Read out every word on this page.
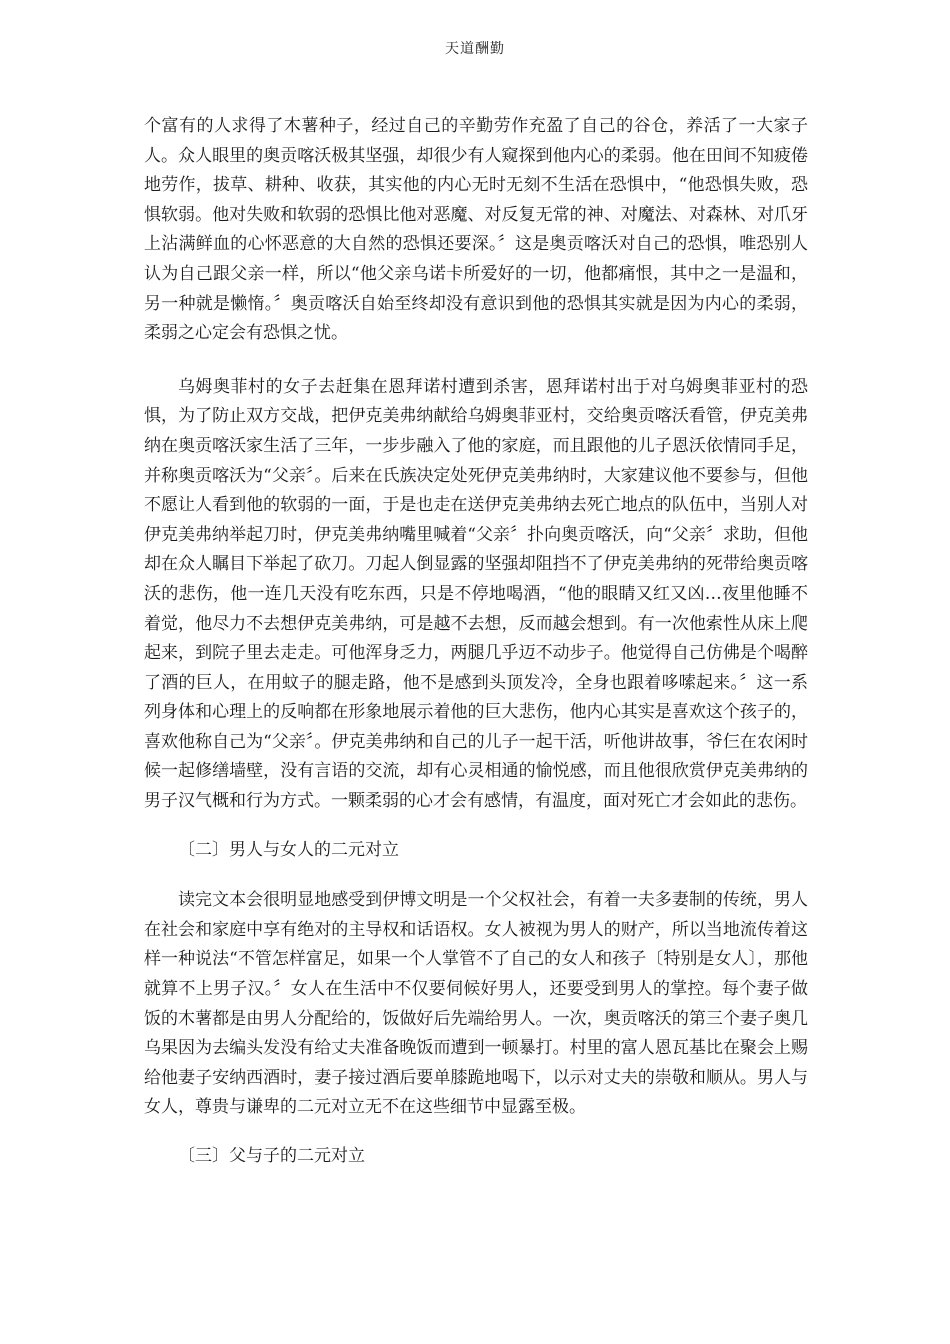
天道酬勤

个富有的人求得了木薯种子，经过自己的辛勤劳作充盈了自己的谷仓，养活了一大家子人。众人眼里的奥贡喀沃极其坚强，却很少有人窥探到他内心的柔弱。他在田间不知疲倦地劳作，拔草、耕种、收获，其实他的内心无时无刻不生活在恐惧中，“他恐惧失败，恐惧软弱。他对失败和软弱的恐惧比他对恶魔、对反复无常的神、对魔法、对森林、对爪牙上沾满鲜血的心怀恶意的大自然的恐惧还要深。〞这是奥贡喀沃对自己的恐惧，唯恐别人认为自己跟父亲一样，所以“他父亲乌诺卡所爱好的一切，他都痛恨，其中之一是温和，另一种就是懒惰。〞奥贡喀沃自始至终却没有意识到他的恐惧其实就是因为内心的柔弱，柔弱之心定会有恐惧之忧。

乌姆奥菲村的女子去赶集在恩拜诺村遭到杀害，恩拜诺村出于对乌姆奥菲亚村的恐惧，为了防止双方交战，把伊克美弗纳献给乌姆奥菲亚村，交给奥贡喀沃看管，伊克美弗纳在奥贡喀沃家生活了三年，一步步融入了他的家庭，而且跟他的儿子恩沃依情同手足，并称奥贡喀沃为“父亲〞。后来在氏族决定处死伊克美弗纳时，大家建议他不要参与，但他不愿让人看到他的软弱的一面，于是也走在送伊克美弗纳去死亡地点的队伍中，当别人对伊克美弗纳举起刀时，伊克美弗纳嘴里喊着“父亲〞扑向奥贡喀沃，向“父亲〞求助，但他却在众人瞩目下举起了砍刀。刀起人倒显露的坚强却阻挡不了伊克美弗纳的死带给奥贡喀沃的悲伤，他一连几天没有吃东西，只是不停地喝酒，“他的眼睛又红又凶…夜里他睡不着觉，他尽力不去想伊克美弗纳，可是越不去想，反而越会想到。有一次他索性从床上爬起来，到院子里去走走。可他浑身乏力，两腿几乎迈不动步子。他觉得自己仿佛是个喝醉了酒的巨人，在用蚊子的腿走路，他不是感到头顶发冷，全身也跟着哆嗦起来。〞这一系列身体和心理上的反响都在形象地展示着他的巨大悲伤，他内心其实是喜欢这个孩子的，喜欢他称自己为“父亲〞。伊克美弗纳和自己的儿子一起干活，听他讲故事，爷仨在农闲时候一起修缮墙壁，没有言语的交流，却有心灵相通的愉悦感，而且他很欣赏伊克美弗纳的男子汉气概和行为方式。一颗柔弱的心才会有感情，有温度，面对死亡才会如此的悲伤。

〔二〕男人与女人的二元对立

读完文本会很明显地感受到伊博文明是一个父权社会，有着一夫多妻制的传统，男人在社会和家庭中享有绝对的主导权和话语权。女人被视为男人的财产，所以当地流传着这样一种说法“不管怎样富足，如果一个人掌管不了自己的女人和孩子〔特别是女人〕，那他就算不上男子汉。〞女人在生活中不仅要伺候好男人，还要受到男人的掌控。每个妻子做饭的木薯都是由男人分配给的，饭做好后先端给男人。一次，奥贡喀沃的第三个妻子奥几乌果因为去编头发没有给丈夫准备晚饭而遭到一顿暴打。村里的富人恩瓦基比在聚会上赐给他妻子安纳西酒时，妻子接过酒后要单膝跪地喝下，以示对丈夫的崇敬和顺从。男人与女人，尊贵与谦卑的二元对立无不在这些细节中显露至极。

〔三〕父与子的二元对立
